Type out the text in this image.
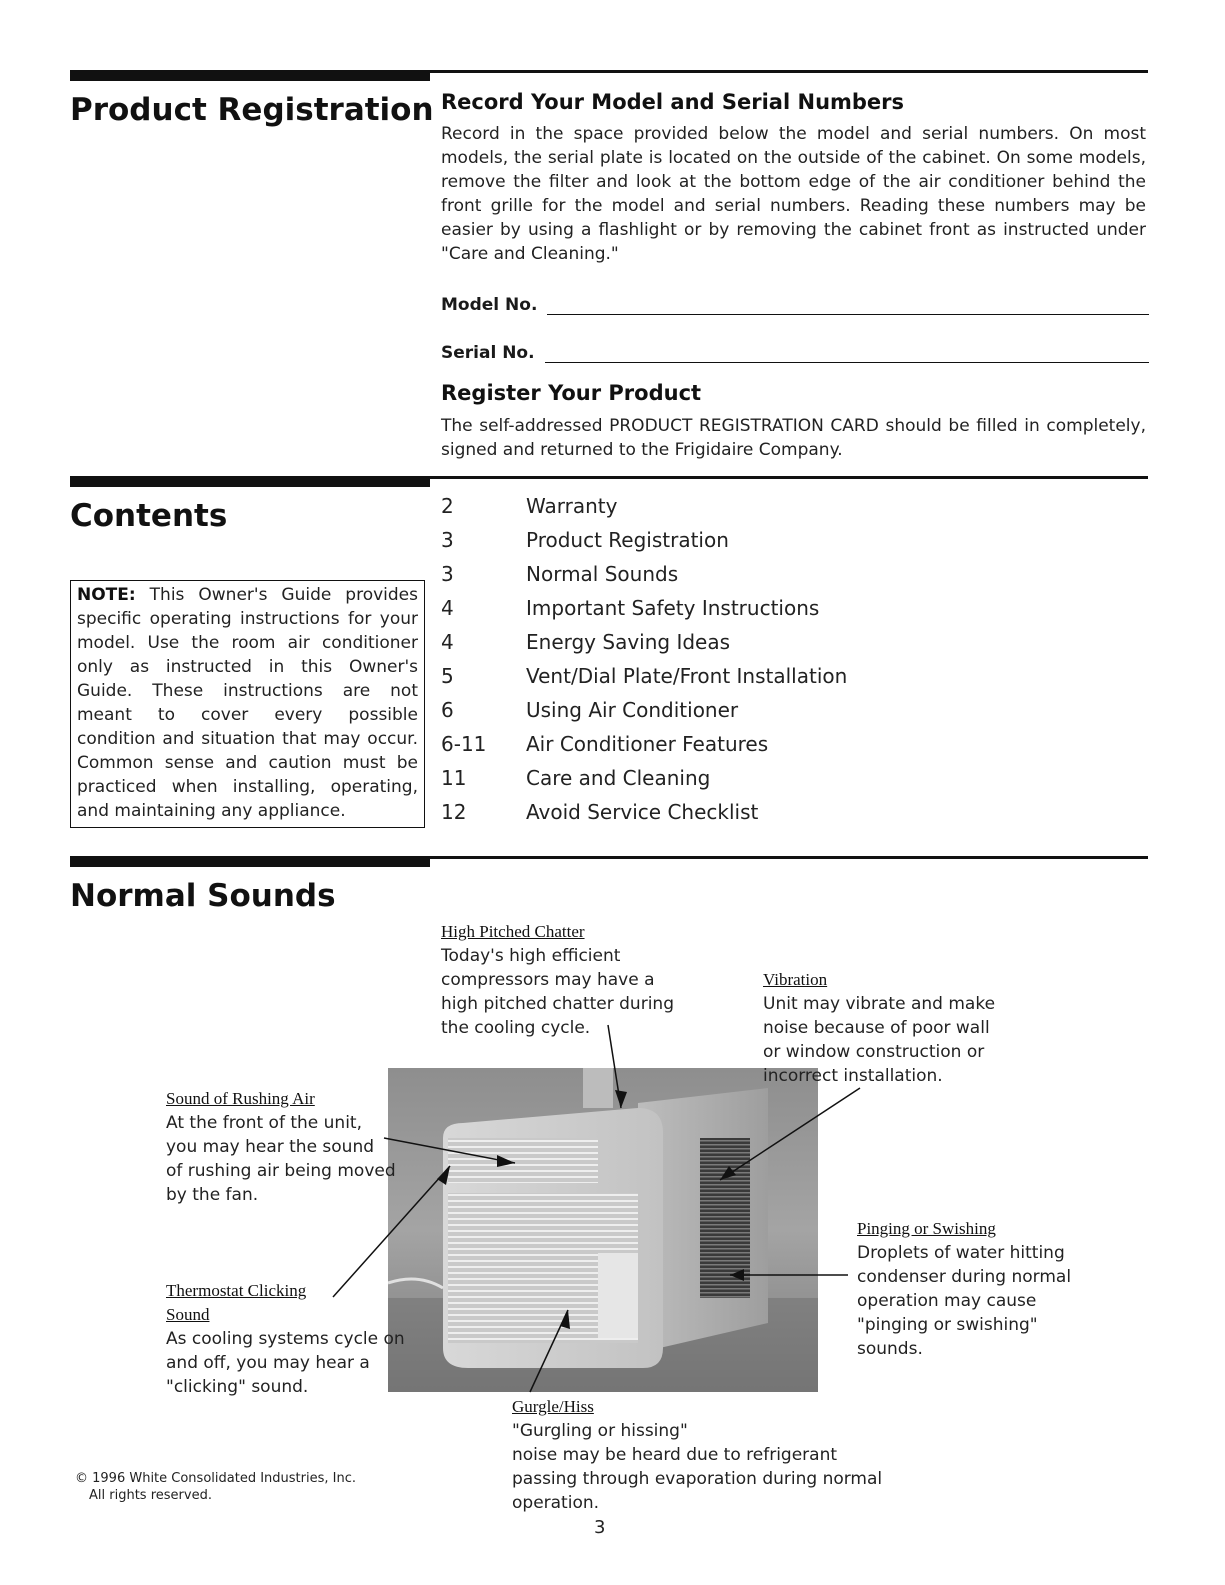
Product Registration Record Your Model and Serial Numbers
Record in the space provided below the model and serial numbers. On most models, the serial plate is located on the outside of the cabinet. On some models, remove the filter and look at the bottom edge of the air conditioner behind the front grille for the model and serial numbers. Reading these numbers may be easier by using a flashlight or by removing the cabinet front as instructed under "Care and Cleaning."
Model No.
Serial No.
Register Your Product
The self-addressed PRODUCT REGISTRATION CARD should be filled in completely, signed and returned to the Frigidaire Company.
Contents
NOTE: This Owner's Guide provides specific operating instructions for your model. Use the room air conditioner only as instructed in this Owner's Guide. These instructions are not meant to cover every possible condition and situation that may occur. Common sense and caution must be practiced when installing, operating, and maintaining any appliance.
2	Warranty
3	Product Registration
3	Normal Sounds
4	Important Safety Instructions
4	Energy Saving Ideas
5	Vent/Dial Plate/Front Installation
6	Using Air Conditioner
6-11	Air Conditioner Features
11	Care and Cleaning
12	Avoid Service Checklist
Normal Sounds
High Pitched Chatter
Today's high efficient
compressors may have a
high pitched chatter during
the cooling cycle.
Vibration
Unit may vibrate and make
noise because of poor wall
or window construction or
incorrect installation.
Sound of Rushing Air
At the front of the unit,
you may hear the sound
of rushing air being moved
by the fan.
Thermostat Clicking
Sound
As cooling systems cycle on
and off, you may hear a
"clicking" sound.
Pinging or Swishing
Droplets of water hitting
condenser during normal
operation may cause
"pinging or swishing"
sounds.
Gurgle/Hiss
"Gurgling or hissing"
noise may be heard due to refrigerant
passing through evaporation during normal
operation.
© 1996 White Consolidated Industries, Inc.
All rights reserved.
3
